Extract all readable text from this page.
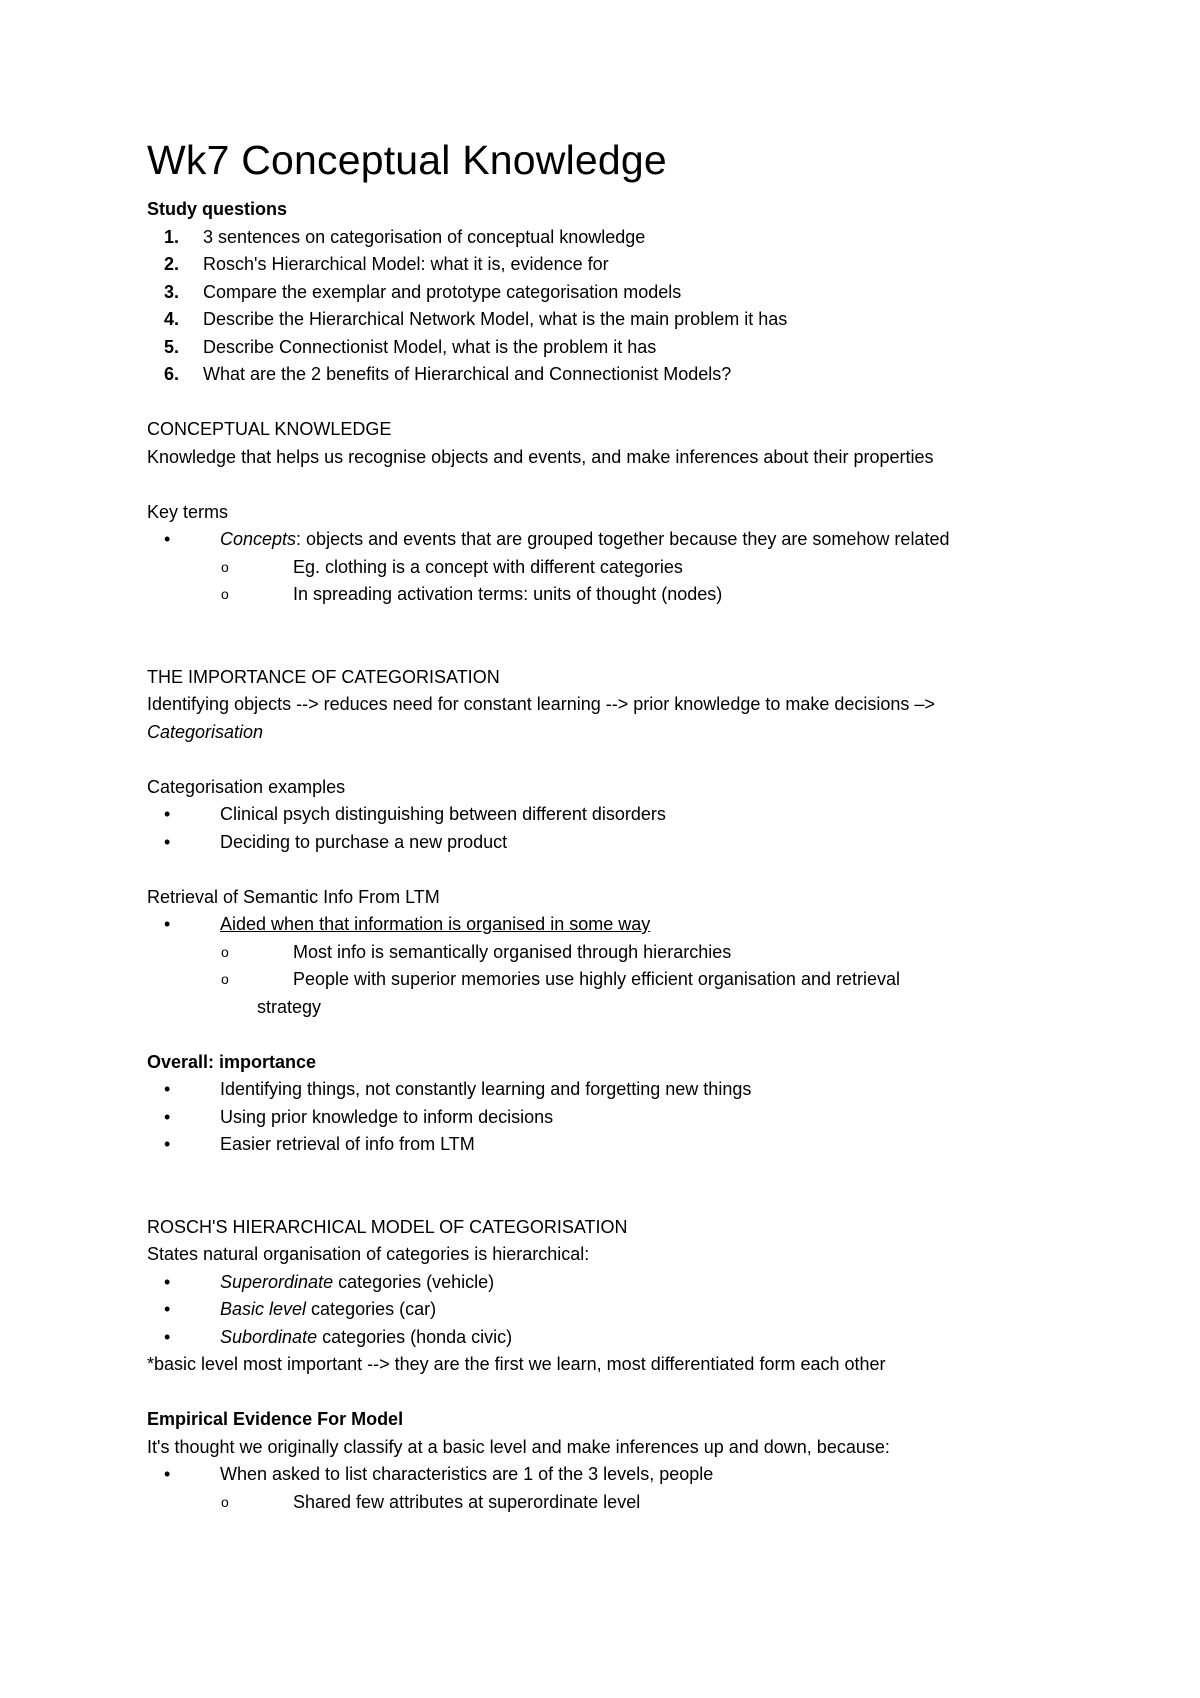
Wk7 Conceptual Knowledge
Study questions
1. 3 sentences on categorisation of conceptual knowledge
2. Rosch's Hierarchical Model: what it is, evidence for
3. Compare the exemplar and prototype categorisation models
4. Describe the Hierarchical Network Model, what is the main problem it has
5. Describe Connectionist Model, what is the problem it has
6. What are the 2 benefits of Hierarchical and Connectionist Models?
CONCEPTUAL KNOWLEDGE
Knowledge that helps us recognise objects and events, and make inferences about their properties
Key terms
•	Concepts: objects and events that are grouped together because they are somehow related
o	Eg. clothing is a concept with different categories
o	In spreading activation terms: units of thought (nodes)
THE IMPORTANCE OF CATEGORISATION
Identifying objects --> reduces need for constant learning --> prior knowledge to make decisions –>
Categorisation
Categorisation examples
•	Clinical psych distinguishing between different disorders
•	Deciding to purchase a new product
Retrieval of Semantic Info From LTM
•	Aided when that information is organised in some way
o	Most info is semantically organised through hierarchies
o	People with superior memories use highly efficient organisation and retrieval
strategy
Overall: importance
•	Identifying things, not constantly learning and forgetting new things
•	Using prior knowledge to inform decisions
•	Easier retrieval of info from LTM
ROSCH'S HIERARCHICAL MODEL OF CATEGORISATION
States natural organisation of categories is hierarchical:
•	Superordinate categories (vehicle)
•	Basic level categories (car)
•	Subordinate categories (honda civic)
*basic level most important --> they are the first we learn, most differentiated form each other
Empirical Evidence For Model
It's thought we originally classify at a basic level and make inferences up and down, because:
•	When asked to list characteristics are 1 of the 3 levels, people
o	Shared few attributes at superordinate level
